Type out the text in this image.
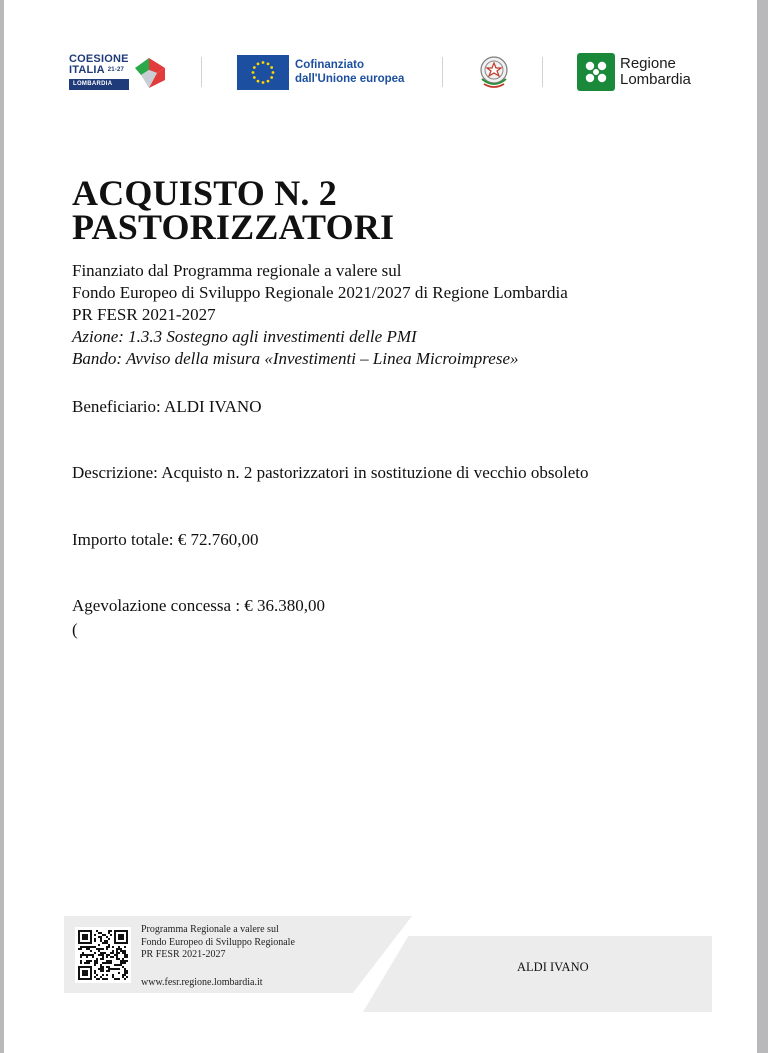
COESIONE
ITALIA $^{21-27}$
LOMBARDIA
Cofinanziato
dall'Unione europea
Regione
Lombardia
ACQUISTO N. 2
PASTORIZZATORI
Finanziato dal Programma regionale a valere sul
Fondo Europeo di Sviluppo Regionale 2021/2027 di Regione Lombardia
PR FESR 2021-2027
Azione: 1.3.3 Sostegno agli investimenti delle PMI
Bando: Avviso della misura «Investimenti – Linea Microimprese»
Beneficiario: ALDI IVANO
Descrizione: Acquisto n. 2 pastorizzatori in sostituzione di vecchio obsoleto
Importo totale: € 72.760,00
Agevolazione concessa : € 36.380,00
(
Programma Regionale a valere sul
Fondo Europeo di Sviluppo Regionale
PR FESR 2021-2027
www.fesr.regione.lombardia.it
ALDI IVANO
